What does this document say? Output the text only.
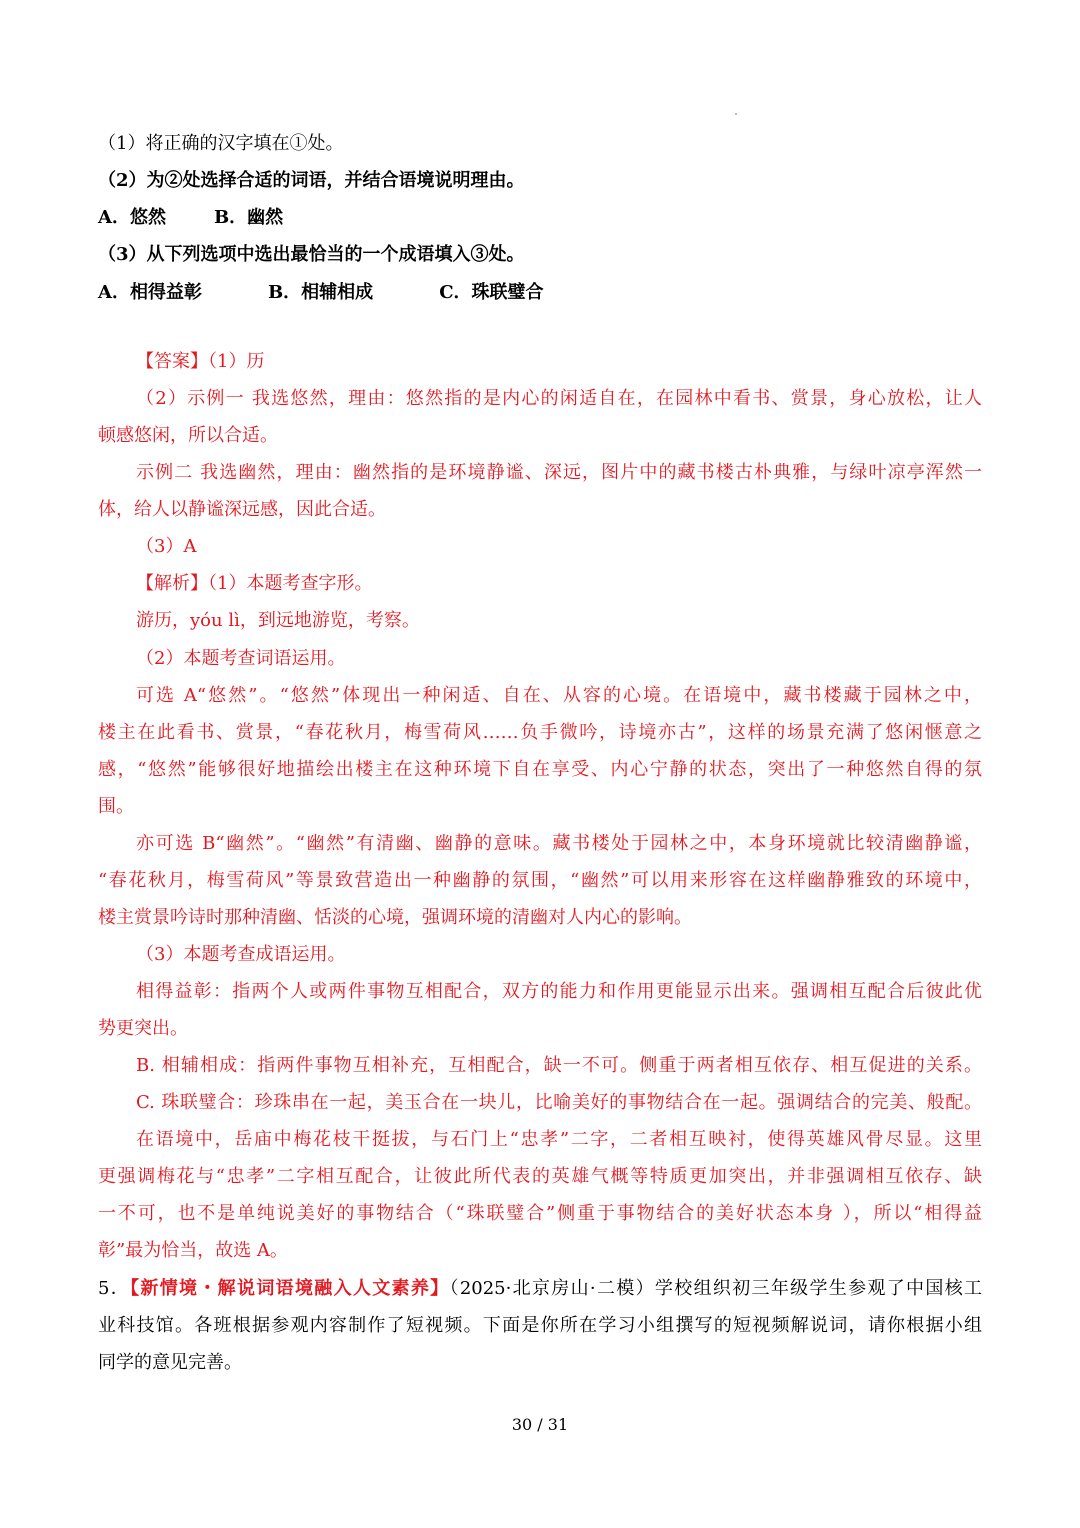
（1）将正确的汉字填在①处。
（2）为②处选择合适的词语，并结合语境说明理由。
A．悠然	B．幽然
（3）从下列选项中选出最恰当的一个成语填入③处。
A．相得益彰	B．相辅相成	C．珠联璧合
【答案】（1）历
（2）示例一 我选悠然，理由：悠然指的是内心的闲适自在，在园林中看书、赏景，身心放松，让人
顿感悠闲，所以合适。
示例二 我选幽然，理由：幽然指的是环境静谧、深远，图片中的藏书楼古朴典雅，与绿叶凉亭浑然一
体，给人以静谧深远感，因此合适。
（3）A
【解析】（1）本题考查字形。
游历，yóu lì，到远地游览，考察。
（2）本题考查词语运用。
可选 A“悠然”。“悠然”体现出一种闲适、自在、从容的心境。在语境中，藏书楼藏于园林之中，
楼主在此看书、赏景，“春花秋月，梅雪荷风……负手微吟，诗境亦古”，这样的场景充满了悠闲惬意之
感，“悠然”能够很好地描绘出楼主在这种环境下自在享受、内心宁静的状态，突出了一种悠然自得的氛
围。
亦可选 B“幽然”。“幽然”有清幽、幽静的意味。藏书楼处于园林之中，本身环境就比较清幽静谧，
“春花秋月，梅雪荷风”等景致营造出一种幽静的氛围，“幽然”可以用来形容在这样幽静雅致的环境中，
楼主赏景吟诗时那种清幽、恬淡的心境，强调环境的清幽对人内心的影响。
（3）本题考查成语运用。
相得益彰：指两个人或两件事物互相配合，双方的能力和作用更能显示出来。强调相互配合后彼此优
势更突出。
B. 相辅相成：指两件事物互相补充，互相配合，缺一不可。侧重于两者相互依存、相互促进的关系。
C. 珠联璧合：珍珠串在一起，美玉合在一块儿，比喻美好的事物结合在一起。强调结合的完美、般配。
在语境中，岳庙中梅花枝干挺拔，与石门上“忠孝”二字，二者相互映衬，使得英雄风骨尽显。这里
更强调梅花与“忠孝”二字相互配合，让彼此所代表的英雄气概等特质更加突出，并非强调相互依存、缺
一不可，也不是单纯说美好的事物结合（“珠联璧合”侧重于事物结合的美好状态本身 ），所以“相得益
彰”最为恰当，故选 A。
5．【新情境・解说词语境融入人文素养】（2025·北京房山·二模）学校组织初三年级学生参观了中国核工
业科技馆。各班根据参观内容制作了短视频。下面是你所在学习小组撰写的短视频解说词，请你根据小组
同学的意见完善。
30 / 31
